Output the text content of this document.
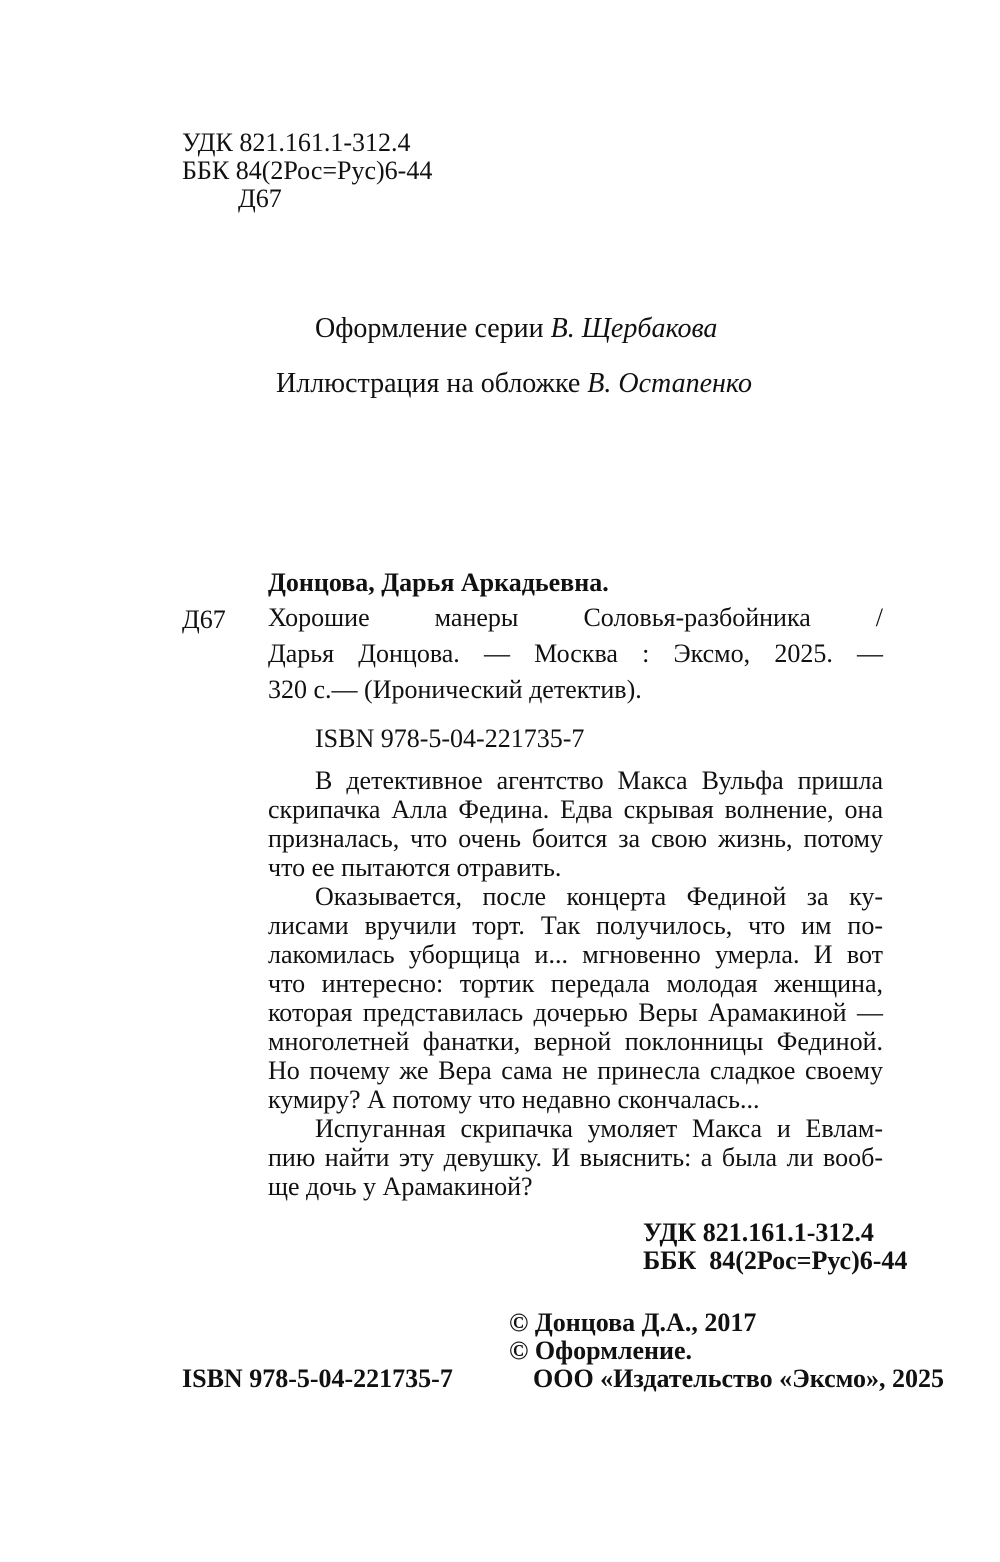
УДК 821.161.1-312.4
ББК 84(2Рос=Рус)6-44
Д67
Оформление серии В. Щербакова
Иллюстрация на обложке В. Остапенко
Донцова, Дарья Аркадьевна.
Д67 Хорошие манеры Соловья-разбойника /
Дарья Донцова. — Москва : Эксмо, 2025. —
320 с.— (Иронический детектив).
ISBN 978-5-04-221735-7
В детективное агентство Макса Вульфа пришла
скрипачка Алла Федина. Едва скрывая волнение, она
призналась, что очень боится за свою жизнь, потому
что ее пытаются отравить.
Оказывается, после концерта Фединой за ку-
лисами вручили торт. Так получилось, что им по-
лакомилась уборщица и... мгновенно умерла. И вот
что интересно: тортик передала молодая женщина,
которая представилась дочерью Веры Арамакиной —
многолетней фанатки, верной поклонницы Фединой.
Но почему же Вера сама не принесла сладкое своему
кумиру? А потому что недавно скончалась...
Испуганная скрипачка умоляет Макса и Евлам-
пию найти эту девушку. И выяснить: а была ли вооб-
ще дочь у Арамакиной?
УДК 821.161.1-312.4
ББК  84(2Рос=Рус)6-44
© Донцова Д.А., 2017
© Оформление.
ISBN 978-5-04-221735-7	ООО «Издательство «Эксмо», 2025
